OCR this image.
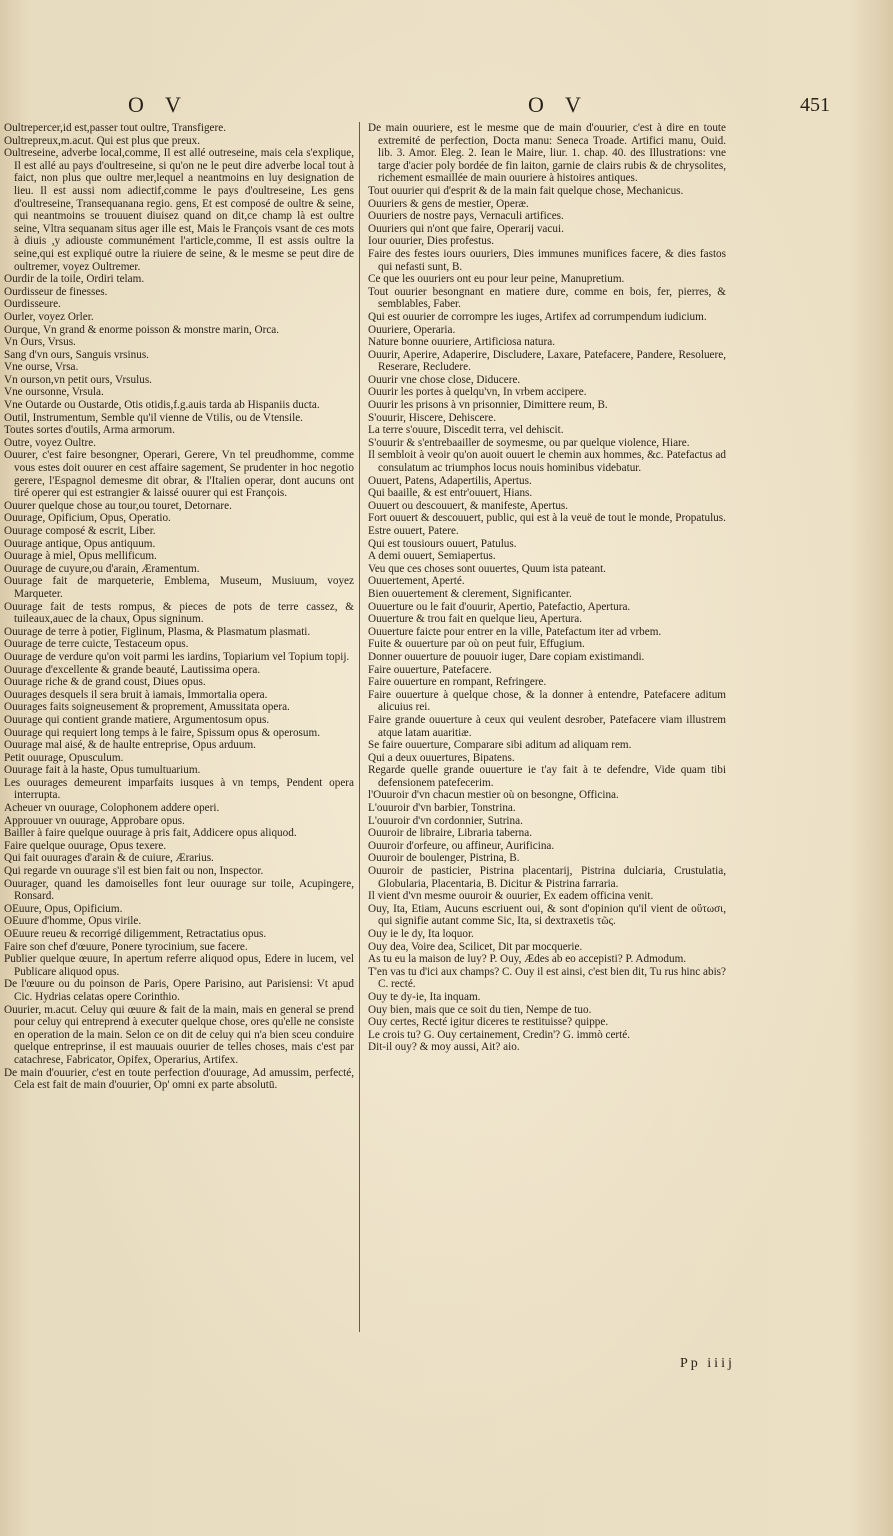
O V	O V	451

Oultrepercer,id est,passer tout oultre, Transfigere.

Oultrepreux,m.acut. Qui est plus que preux.

Oultreseine, adverbe local,comme, Il est allé outreseine, mais cela s'explique, Il est allé au pays d'oultreseine, si qu'on ne le peut dire adverbe local tout à faict, non plus que oultre mer,lequel a neantmoins en luy designation de lieu. Il est aussi nom adiectif,comme le pays d'oultreseine, Les gens d'oultreseine, Transequanana regio. gens, Et est composé de oultre & seine, qui neantmoins se trouuent diuisez quand on dit,ce champ là est oultre seine, Vltra sequanam situs ager ille est, Mais le François vsant de ces mots à diuis ,y adiouste communément l'article,comme, Il est assis oultre la seine,qui est expliqué outre la riuiere de seine, & le mesme se peut dire de oultremer, voyez Oultremer.

Ourdir de la toile, Ordiri telam.

Ourdisseur de finesses.

Ourdisseure.

Ourler, voyez Orler.

Ourque, Vn grand & enorme poisson & monstre marin, Orca.

Vn Ours, Vrsus.

Sang d'vn ours, Sanguis vrsinus.

Vne ourse, Vrsa.

Vn ourson,vn petit ours, Vrsulus.

Vne oursonne, Vrsula.

Vne Outarde ou Oustarde, Otis otidis,f.g.auis tarda ab Hispaniis ducta.

Outil, Instrumentum, Semble qu'il vienne de Vtilis, ou de Vtensile.

Toutes sortes d'outils, Arma armorum.

Outre, voyez Oultre.

Ouurer, c'est faire besongner, Operari, Gerere, Vn tel preudhomme, comme vous estes doit ouurer en cest affaire sagement, Se prudenter in hoc negotio gerere, l'Espagnol demesme dit obrar, & l'Italien operar, dont aucuns ont tiré operer qui est estrangier & laissé ouurer qui est François.

Ouurer quelque chose au tour,ou touret, Detornare.

Ouurage, Opificium, Opus, Operatio.

Ouurage composé & escrit, Liber.

Ouurage antique, Opus antiquum.

Ouurage à miel, Opus mellificum.

Ouurage de cuyure,ou d'arain, Æramentum.

Ouurage fait de marqueterie, Emblema, Museum, Musiuum, voyez Marqueter.

Ouurage fait de tests rompus, & pieces de pots de terre cassez, & tuileaux,auec de la chaux, Opus signinum.

Ouurage de terre à potier, Figlinum, Plasma, & Plasmatum plasmati.

Ouurage de terre cuicte, Testaceum opus.

Ouurage de verdure qu'on voit parmi les iardins, Topiarium vel Topium topij.

Ouurage d'excellente & grande beauté, Lautissima opera.

Ouurage riche & de grand coust, Diues opus.

Ouurages desquels il sera bruit à iamais, Immortalia opera.

Ouurages faits soigneusement & proprement, Amussitata opera.

Ouurage qui contient grande matiere, Argumentosum opus.

Ouurage qui requiert long temps à le faire, Spissum opus & operosum.

Ouurage mal aisé, & de haulte entreprise, Opus arduum.

Petit ouurage, Opusculum.

Ouurage fait à la haste, Opus tumultuarium.

Les ouurages demeurent imparfaits iusques à vn temps, Pendent opera interrupta.

Acheuer vn ouurage, Colophonem addere operi.

Approuuer vn ouurage, Approbare opus.

Bailler à faire quelque ouurage à pris fait, Addicere opus aliquod.

Faire quelque ouurage, Opus texere.

Qui fait ouurages d'arain & de cuiure, Ærarius.

Qui regarde vn ouurage s'il est bien fait ou non, Inspector.

Ouurager, quand les damoiselles font leur ouurage sur toile, Acupingere, Ronsard.

OEuure, Opus, Opificium.

OEuure d'homme, Opus virile.

OEuure reueu & recorrigé diligemment, Retractatius opus.

Faire son chef d'œuure, Ponere tyrocinium, sue facere.

Publier quelque œuure, In apertum referre aliquod opus, Edere in lucem, vel Publicare aliquod opus.

De l'œuure ou du poinson de Paris, Opere Parisino, aut Parisiensi: Vt apud Cic. Hydrias celatas opere Corinthio.

Ouurier, m.acut. Celuy qui œuure & fait de la main, mais en general se prend pour celuy qui entreprend à executer quelque chose, ores qu'elle ne consiste en operation de la main. Selon ce on dit de celuy qui n'a bien sceu conduire quelque entreprinse, il est mauuais ouurier de telles choses, mais c'est par catachrese, Fabricator, Opifex, Operarius, Artifex.

De main d'ouurier, c'est en toute perfection d'ouurage, Ad amussim, perfecté, Cela est fait de main d'ouurier, Op' omni ex parte absolutū.

De main ouuriere, est le mesme que de main d'ouurier, c'est à dire en toute extremité de perfection, Docta manu: Seneca Troade. Artifici manu, Ouid. lib. 3. Amor. Eleg. 2. Iean le Maire, liur. 1. chap. 40. des Illustrations: vne targe d'acier poly bordée de fin laiton, garnie de clairs rubis & de chrysolites, richement esmaillée de main ouuriere à histoires antiques.

Tout ouurier qui d'esprit & de la main fait quelque chose, Mechanicus.

Ouuriers & gens de mestier, Operæ.

Ouuriers de nostre pays, Vernaculi artifices.

Ouuriers qui n'ont que faire, Operarij vacui.

Iour ouurier, Dies profestus.

Faire des festes iours ouuriers, Dies immunes munifices facere, & dies fastos qui nefasti sunt, B.

Ce que les ouuriers ont eu pour leur peine, Manupretium.

Tout ouurier besongnant en matiere dure, comme en bois, fer, pierres, & semblables, Faber.

Qui est ouurier de corrompre les iuges, Artifex ad corrumpendum iudicium.

Ouuriere, Operaria.

Nature bonne ouuriere, Artificiosa natura.

Ouurir, Aperire, Adaperire, Discludere, Laxare, Patefacere, Pandere, Resoluere, Reserare, Recludere.

Ouurir vne chose close, Diducere.

Ouurir les portes à quelqu'vn, In vrbem accipere.

Ouurir les prisons à vn prisonnier, Dimittere reum, B.

S'ouurir, Hiscere, Dehiscere.

La terre s'ouure, Discedit terra, vel dehiscit.

S'ouurir & s'entrebaailler de soymesme, ou par quelque violence, Hiare.

Il sembloit à veoir qu'on auoit ouuert le chemin aux hommes, &c. Patefactus ad consulatum ac triumphos locus nouis hominibus videbatur.

Ouuert, Patens, Adapertilis, Apertus.

Qui baaille, & est entr'ouuert, Hians.

Ouuert ou descouuert, & manifeste, Apertus.

Fort ouuert & descouuert, public, qui est à la veuë de tout le monde, Propatulus.

Estre ouuert, Patere.

Qui est tousiours ouuert, Patulus.

A demi ouuert, Semiapertus.

Veu que ces choses sont ouuertes, Quum ista pateant.

Ouuertement, Aperté.

Bien ouuertement & clerement, Significanter.

Ouuerture ou le fait d'ouurir, Apertio, Patefactio, Apertura.

Ouuerture & trou fait en quelque lieu, Apertura.

Ouuerture faicte pour entrer en la ville, Patefactum iter ad vrbem.

Fuite & ouuerture par où on peut fuir, Effugium.

Donner ouuerture de pouuoir iuger, Dare copiam existimandi.

Faire ouuerture, Patefacere.

Faire ouuerture en rompant, Refringere.

Faire ouuerture à quelque chose, & la donner à entendre, Patefacere aditum alicuius rei.

Faire grande ouuerture à ceux qui veulent desrober, Patefacere viam illustrem atque latam auaritiæ.

Se faire ouuerture, Comparare sibi aditum ad aliquam rem.

Qui a deux ouuertures, Bipatens.

Regarde quelle grande ouuerture ie t'ay fait à te defendre, Vide quam tibi defensionem patefecerim.

l'Ouuroir d'vn chacun mestier où on besongne, Officina.

L'ouuroir d'vn barbier, Tonstrina.

L'ouuroir d'vn cordonnier, Sutrina.

Ouuroir de libraire, Libraria taberna.

Ouuroir d'orfeure, ou affineur, Aurificina.

Ouuroir de boulenger, Pistrina, B.

Ouuroir de pasticier, Pistrina placentarij, Pistrina dulciaria, Crustulatia, Globularia, Placentaria, B. Dicitur & Pistrina farraria.

Il vient d'vn mesme ouuroir & ouurier, Ex eadem officina venit.

Ouy, Ita, Etiam, Aucuns escriuent oui, & sont d'opinion qu'il vient de οὕτωσι, qui signifie autant comme Sic, Ita, si dextraxetis τῶς.

Ouy ie le dy, Ita loquor.

Ouy dea, Voire dea, Scilicet, Dit par mocquerie.

As tu eu la maison de luy? P. Ouy, Ædes ab eo accepisti? P. Admodum.

T'en vas tu d'ici aux champs? C. Ouy il est ainsi, c'est bien dit, Tu rus hinc abis? C. recté.

Ouy te dy-ie, Ita inquam.

Ouy bien, mais que ce soit du tien, Nempe de tuo.

Ouy certes, Recté igitur diceres te restituisse? quippe.

Le crois tu? G. Ouy certainement, Credin'? G. immò certé.

Dit-il ouy? & moy aussi, Ait? aio.

Pp iiij
